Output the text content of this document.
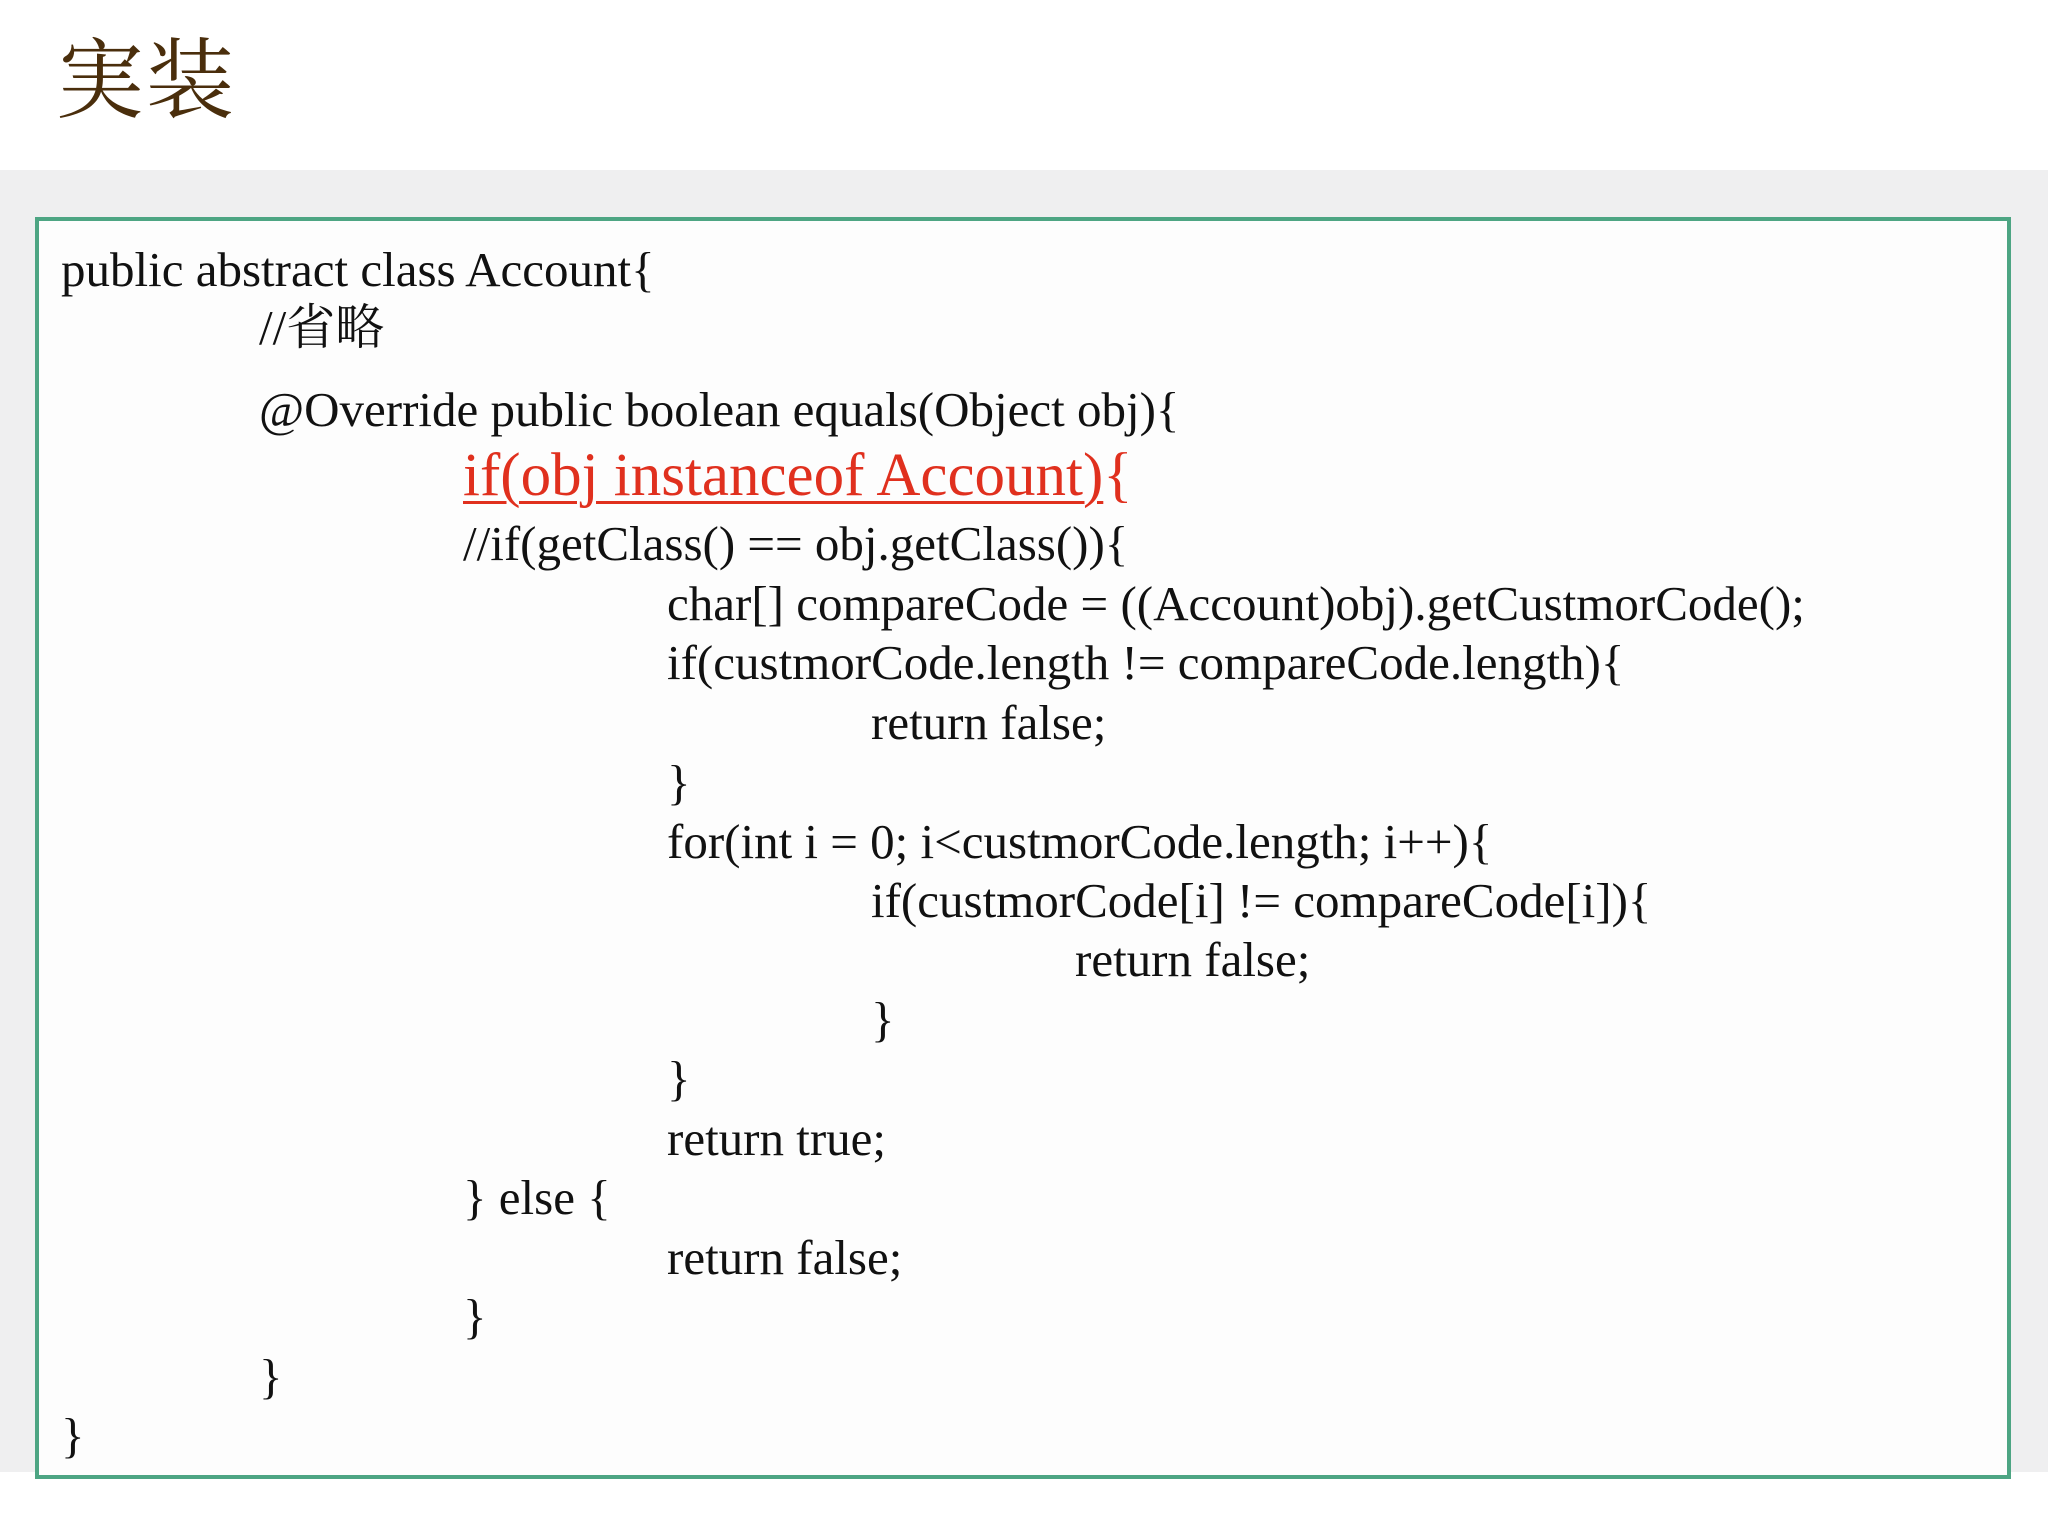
実装
public abstract class Account{
//省略
@Override public boolean equals(Object obj){
if(obj instanceof Account){
//if(getClass() == obj.getClass()){
char[] compareCode = ((Account)obj).getCustmorCode();
if(custmorCode.length != compareCode.length){
return false;
}
for(int i = 0; i<custmorCode.length; i++){
if(custmorCode[i] != compareCode[i]){
return false;
}
}
return true;
} else {
return false;
}
}
}
